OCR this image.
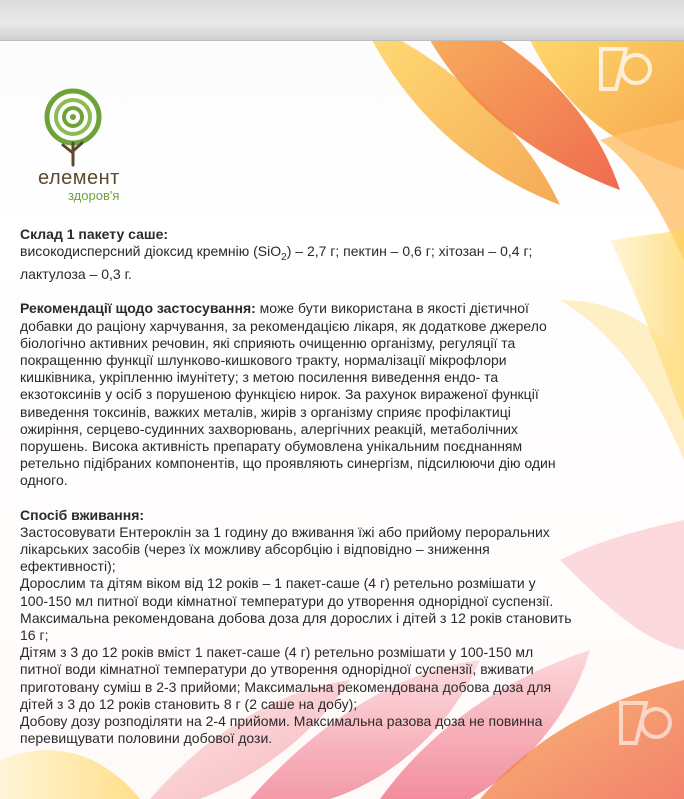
елемент
здоров'я

Склад 1 пакету саше:

високодисперсний діоксид кремнію (SiO$_2$) – 2,7 г; пектин – 0,6 г; хітозан – 0,4 г;

лактулоза – 0,3 г.

Рекомендації щодо застосування: може бути використана в якості дієтичної

добавки до раціону харчування, за рекомендацією лікаря, як додаткове джерело

біологічно активних речовин, які сприяють очищенню організму, регуляції та

покращенню функції шлунково-кишкового тракту, нормалізації мікрофлори

кишківника, укріпленню імунітету; з метою посилення виведення ендо- та

екзотоксинів у осіб з порушеною функцією нирок. За рахунок вираженої функції

виведення токсинів, важких металів, жирів з організму сприяє профілактиці

ожиріння, серцево-судинних захворювань, алергічних реакцій, метаболічних

порушень. Висока активність препарату обумовлена унікальним поєднанням

ретельно підібраних компонентів, що проявляють синергізм, підсилюючи дію один

одного.

Спосіб вживання:

Застосовувати Ентероклін за 1 годину до вживання їжі або прийому пероральних

лікарських засобів (через їх можливу абсорбцію і відповідно – зниження

ефективності);

Дорослим та дітям віком від 12 років – 1 пакет-саше (4 г) ретельно розмішати у

100-150 мл питної води кімнатної температури до утворення однорідної суспензії.

Максимальна рекомендована добова доза для дорослих і дітей з 12 років становить

16 г;

Дітям з 3 до 12 років вміст 1 пакет-саше (4 г) ретельно розмішати у 100-150 мл

питної води кімнатної температури до утворення однорідної суспензії, вживати

приготовану суміш в 2-3 прийоми; Максимальна рекомендована добова доза для

дітей з 3 до 12 років становить 8 г (2 саше на добу);

Добову дозу розподіляти на 2-4 прийоми. Максимальна разова доза не повинна

перевищувати половини добової дози.
